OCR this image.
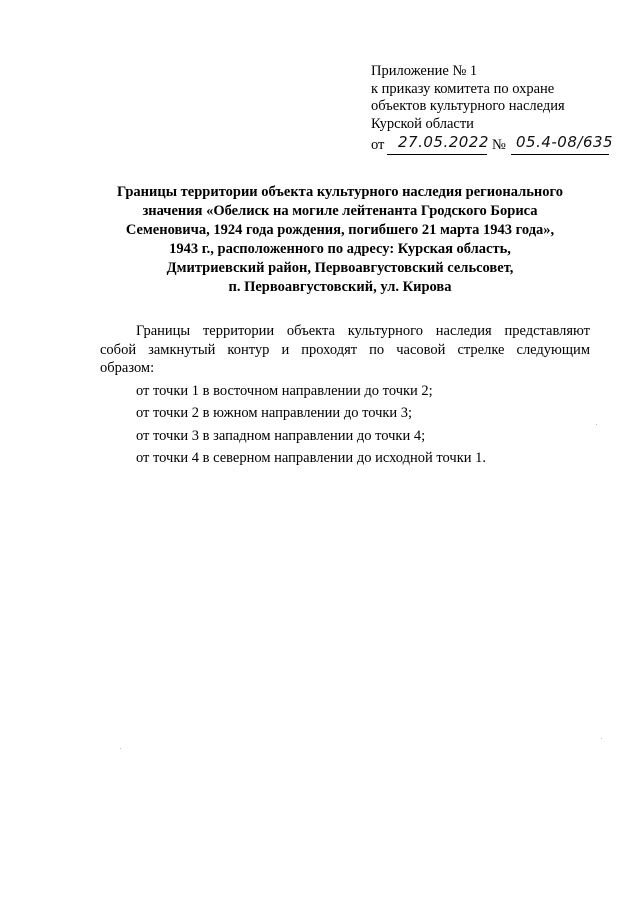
Приложение № 1
к приказу комитета по охране
объектов культурного наследия
Курской области
от 27.05.2022 № 05.4-08/635
Границы территории объекта культурного наследия регионального
значения «Обелиск на могиле лейтенанта Гродского Бориса
Семеновича, 1924 года рождения, погибшего 21 марта 1943 года»,
1943 г., расположенного по адресу: Курская область,
Дмитриевский район, Первоавгустовский сельсовет,
п. Первоавгустовский, ул. Кирова
Границы территории объекта культурного наследия представляют
собой замкнутый контур и проходят по часовой стрелке следующим
образом:
от точки 1 в восточном направлении до точки 2;
от точки 2 в южном направлении до точки 3;
от точки 3 в западном направлении до точки 4;
от точки 4 в северном направлении до исходной точки 1.
